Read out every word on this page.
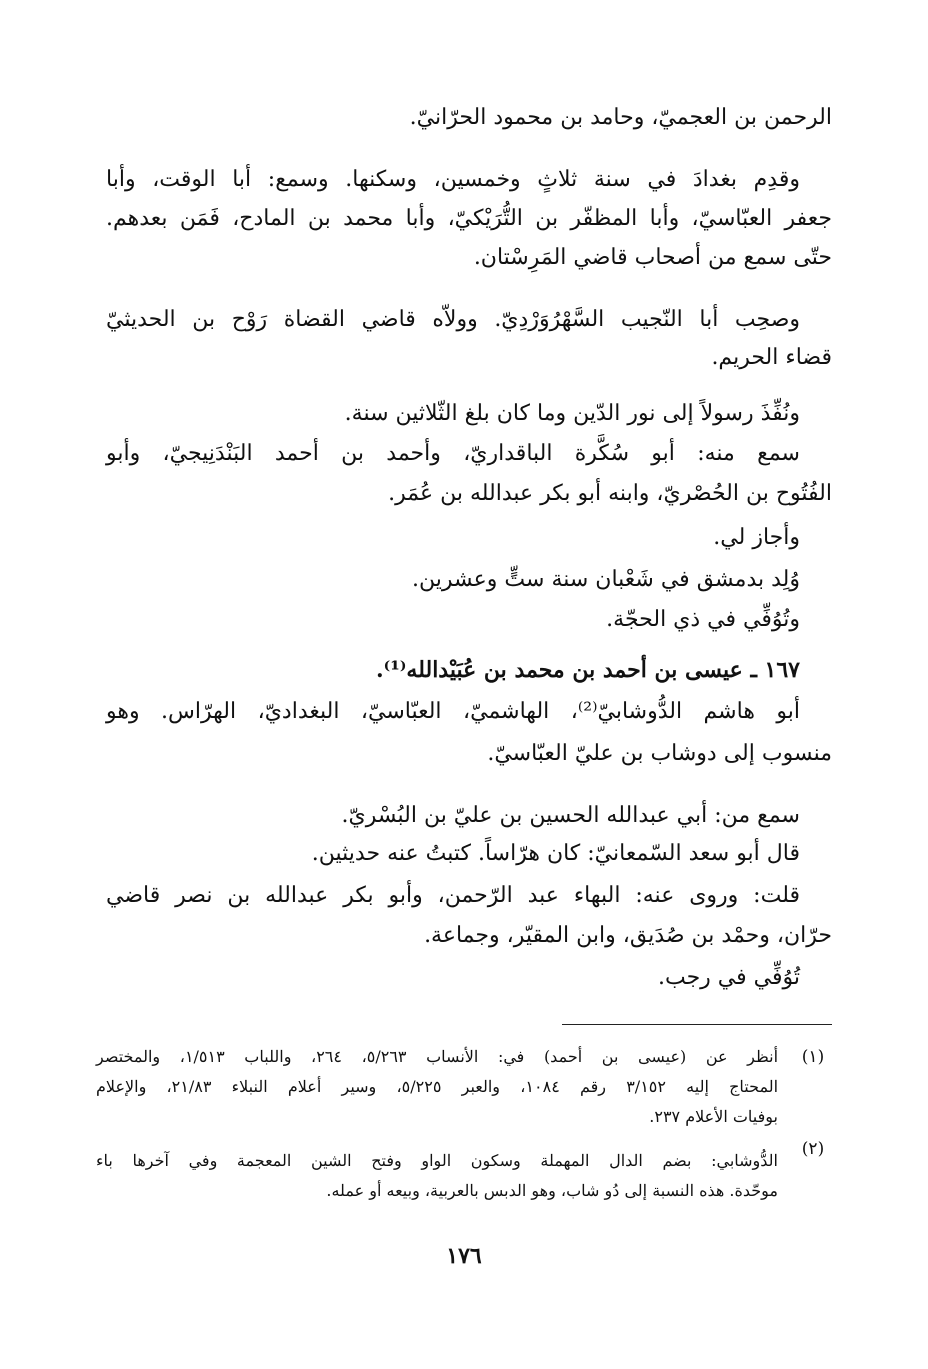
الرحمن بن العجميّ، وحامد بن محمود الحرّانيّ.
وقدِم بغدادَ في سنة ثلاثٍ وخمسين، وسكنها. وسمع: أبا الوقت، وأبا
جعفر العبّاسيّ، وأبا المظفّر بن التُّرَيْكيّ، وأبا محمد بن المادح، فَمَن بعدهم.
حتّى سمع من أصحاب قاضي المَرِسْتان.
وصحِب أبا النّجيب السَّهْرُوَرْدِيّ. وولاّه قاضي القضاة رَوْح بن الحديثيّ
قضاء الحريم.
ونُفِّذَ رسولاً إلى نور الدّين وما كان بلغ الثّلاثين سنة.
سمع منه: أبو سُكَّرة الباقداريّ، وأحمد بن أحمد البَنْدَنِيجيّ، وأبو
الفُتُوح بن الحُصْريّ، وابنه أبو بكر عبدالله بن عُمَر.
وأجاز لي.
وُلِد بدمشق في شَعْبان سنة ستٍّ وعشرين.
وتُوُفِّي في ذي الحجّة.
١٦٧ ـ عيسى بن أحمد بن محمد بن عُبَيْدالله⁽¹⁾.
أبو هاشم الدُّوشابيّ⁽²⁾، الهاشميّ، العبّاسيّ، البغداديّ، الهرّاس. وهو
منسوب إلى دوشاب بن عليّ العبّاسيّ.
سمع من: أبي عبدالله الحسين بن عليّ بن البُسْريّ.
قال أبو سعد السّمعانيّ: كان هرّاساً. كتبتُ عنه حديثين.
قلت: وروى عنه: البهاء عبد الرّحمن، وأبو بكر عبدالله بن نصر قاضي
حرّان، وحمْد بن صُدَيق، وابن المقيّر، وجماعة.
تُوُفِّي في رجب.
(١)
أنظر عن (عيسى بن أحمد) في: الأنساب ٥/٢٦٣، ٢٦٤، واللباب ١/٥١٣، والمختصر
المحتاج إليه ٣/١٥٢ رقم ١٠٨٤، والعبر ٥/٢٢٥، وسير أعلام النبلاء ٢١/٨٣، والإعلام
بوفيات الأعلام ٢٣٧.
(٢)
الدُّوشابي: بضم الدال المهملة وسكون الواو وفتح الشين المعجمة وفي آخرها باء
موحّدة. هذه النسبة إلى دُو شاب، وهو الدبس بالعربية، وبيعه أو عمله.
١٧٦
